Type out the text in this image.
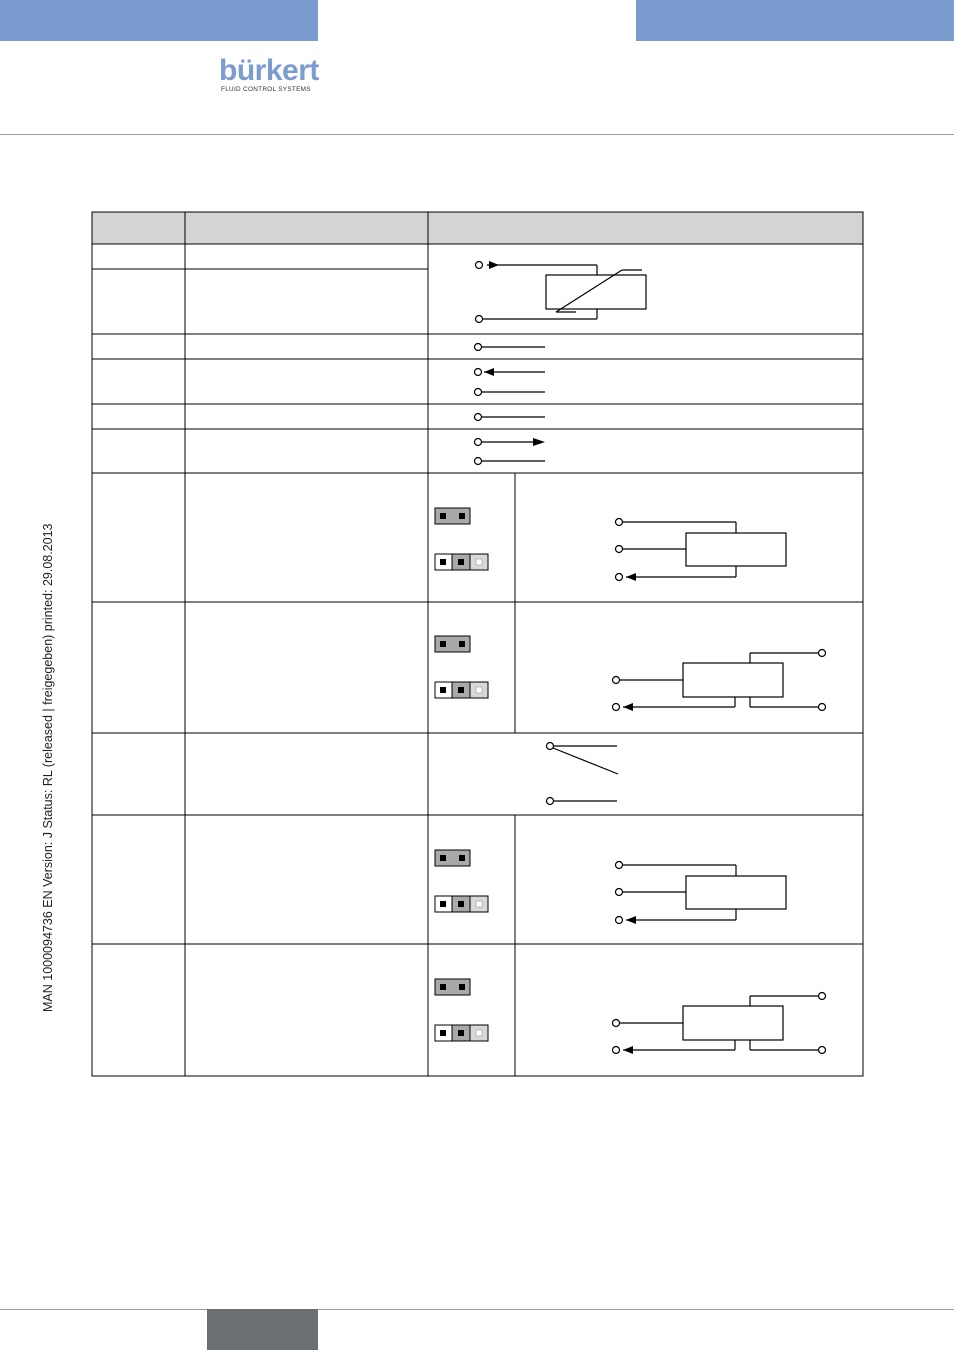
bürkert
FLUID CONTROL SYSTEMS
MAN 1000094736 EN Version: J Status: RL (released | freigegeben) printed: 29.08.2013
